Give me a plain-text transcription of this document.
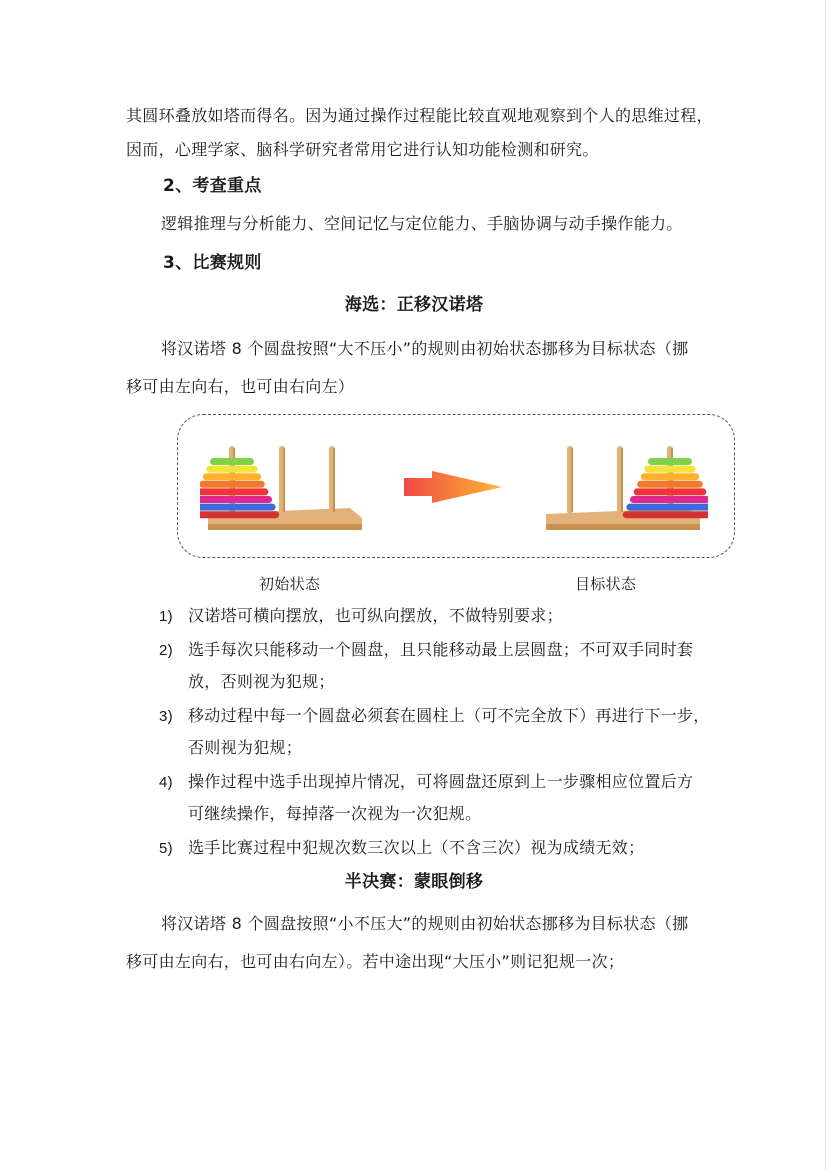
其圆环叠放如塔而得名。因为通过操作过程能比较直观地观察到个人的思维过程，

因而，心理学家、脑科学研究者常用它进行认知功能检测和研究。

2、考查重点

逻辑推理与分析能力、空间记忆与定位能力、手脑协调与动手操作能力。

3、比赛规则

海选：正移汉诺塔

将汉诺塔 8 个圆盘按照“大不压小”的规则由初始状态挪移为目标状态（挪

移可由左向右，也可由右向左）

初始状态	目标状态

1) 汉诺塔可横向摆放，也可纵向摆放，不做特别要求；

2) 选手每次只能移动一个圆盘，且只能移动最上层圆盘；不可双手同时套

放，否则视为犯规；

3) 移动过程中每一个圆盘必须套在圆柱上（可不完全放下）再进行下一步，

否则视为犯规；

4) 操作过程中选手出现掉片情况，可将圆盘还原到上一步骤相应位置后方

可继续操作，每掉落一次视为一次犯规。

5) 选手比赛过程中犯规次数三次以上（不含三次）视为成绩无效；

半决赛：蒙眼倒移

将汉诺塔 8 个圆盘按照“小不压大”的规则由初始状态挪移为目标状态（挪

移可由左向右，也可由右向左）。若中途出现“大压小”则记犯规一次；
